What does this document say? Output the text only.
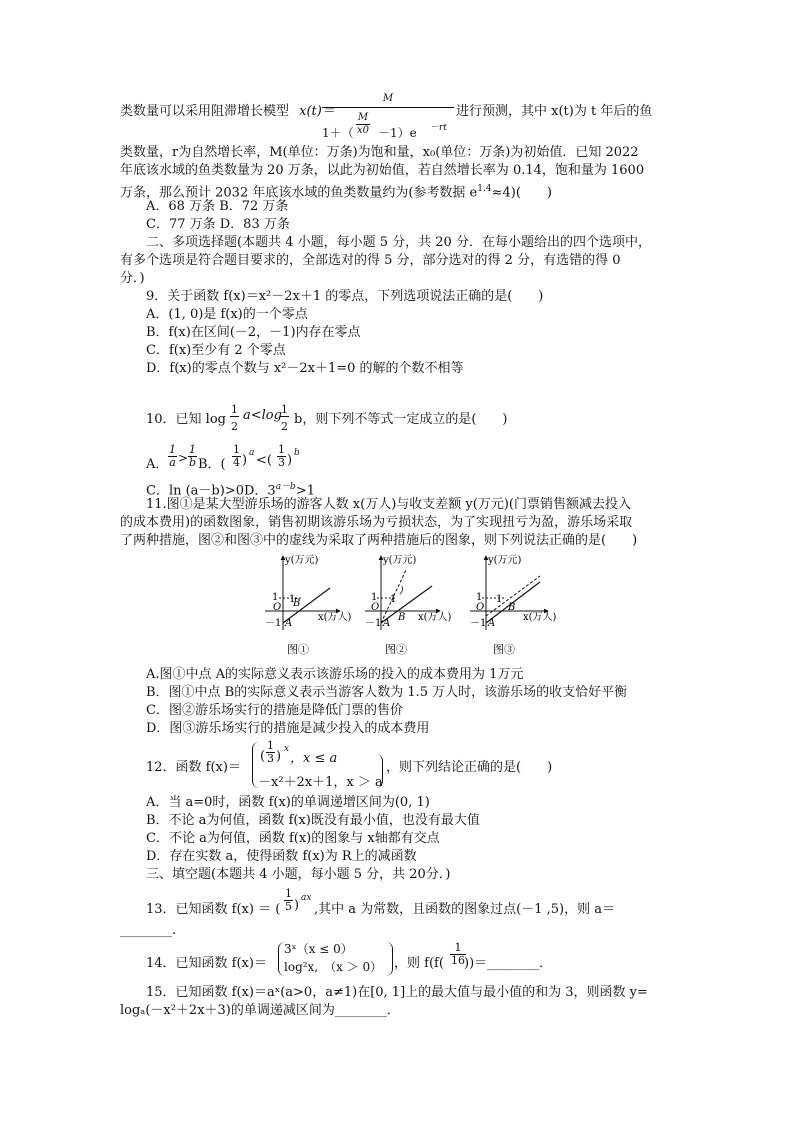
类数量可以采用阻滞增长模型 x(t)＝
M
$1+( \frac{M}{x0} -1)e -rt$
进行预测，其中 x(t)为 t 年后的鱼
类数量，r为自然增长率，M(单位：万条)为饱和量，x₀(单位：万条)为初始值．已知 2022
年底该水域的鱼类数量为 20 万条，以此为初始值，若自然增长率为 0.14，饱和量为 1600
万条，那么预计 2032 年底该水域的鱼类数量约为(参考数据 $e^{1.4}\approx 4$)(　　)
A．68 万条 B．72 万条
C．77 万条 D．83 万条
二、多项选择题(本题共 4 小题，每小题 5 分，共 20 分．在每小题给出的四个选项中，
有多个选项是符合题目要求的，全部选对的得 5 分，部分选对的得 2 分，有选错的得 0
分．)
9．关于函数 f(x)＝x²－2x＋1 的零点，下列选项说法正确的是(　　)
A．(1, 0)是 f(x)的一个零点
B．f(x)在区间(－2，－1)内存在零点
C．f(x)至少有 2 个零点
D．f(x)的零点个数与 x²－2x＋1=0 的解的个数不相等
10．已知 $\log \frac{1}{2} a<\log$
$\frac{1}{2}$ b，则下列不等式一定成立的是(　　)
A． $\frac{1}{a} > \frac{1}{b}$ B．( $\frac{1}{4}$ ) a <( $\frac{1}{3}$ ) b
C．ln (a－b)>0D．$3^{a-b}>1$
11.图①是某大型游乐场的游客人数 x(万人)与收支差额 y(万元)(门票销售额减去投入
的成本费用)的函数图象，销售初期该游乐场为亏损状态，为了实现扭亏为盈，游乐场采取
了两种措施，图②和图③中的虚线为采取了两种措施后的图象，则下列说法正确的是(　　)
y(万元)
x(万人)
1
－1
O
A
B
1
图①
y(万元)
x(万人)
1
－1
O
A
B
1
图②
y(万元)
x(万人)
1
－1
O
A
B
1
图③
A.图①中点 A的实际意义表示该游乐场的投入的成本费用为 1万元
B．图①中点 B的实际意义表示当游客人数为 1.5 万人时，该游乐场的收支恰好平衡
C．图②游乐场实行的措施是降低门票的售价
D．图③游乐场实行的措施是减少投入的成本费用
12．函数 f(x)＝
( $\frac{1}{3}$ ) x
，x ≤ a
－x²＋2x＋1，x ＞ a
，则下列结论正确的是(　　)
A．当 a=0时，函数 f(x)的单调递增区间为(0, 1)
B．不论 a为何值，函数 f(x)既没有最小值，也没有最大值
C．不论 a为何值，函数 f(x)的图象与 x轴都有交点
D．存在实数 a，使得函数 f(x)为 R上的减函数
三、填空题(本题共 4 小题，每小题 5 分，共 20分．)
13．已知函数 f(x) ＝ ( $\frac{1}{5}$ ) ax
,其中 a 为常数，且函数的图象过点(－1 ,5)，则 a＝
________.
14．已知函数 f(x)＝
3ˣ（x ≤ 0）
log²x,　（x ＞ 0） ，则 $f(f( \frac{1}{16}$
))＝________．
15．已知函数 f(x)＝aˣ(a>0，a≠1)在[0, 1]上的最大值与最小值的和为 3，则函数 y=
logₐ(－x²＋2x＋3)的单调递减区间为________．
